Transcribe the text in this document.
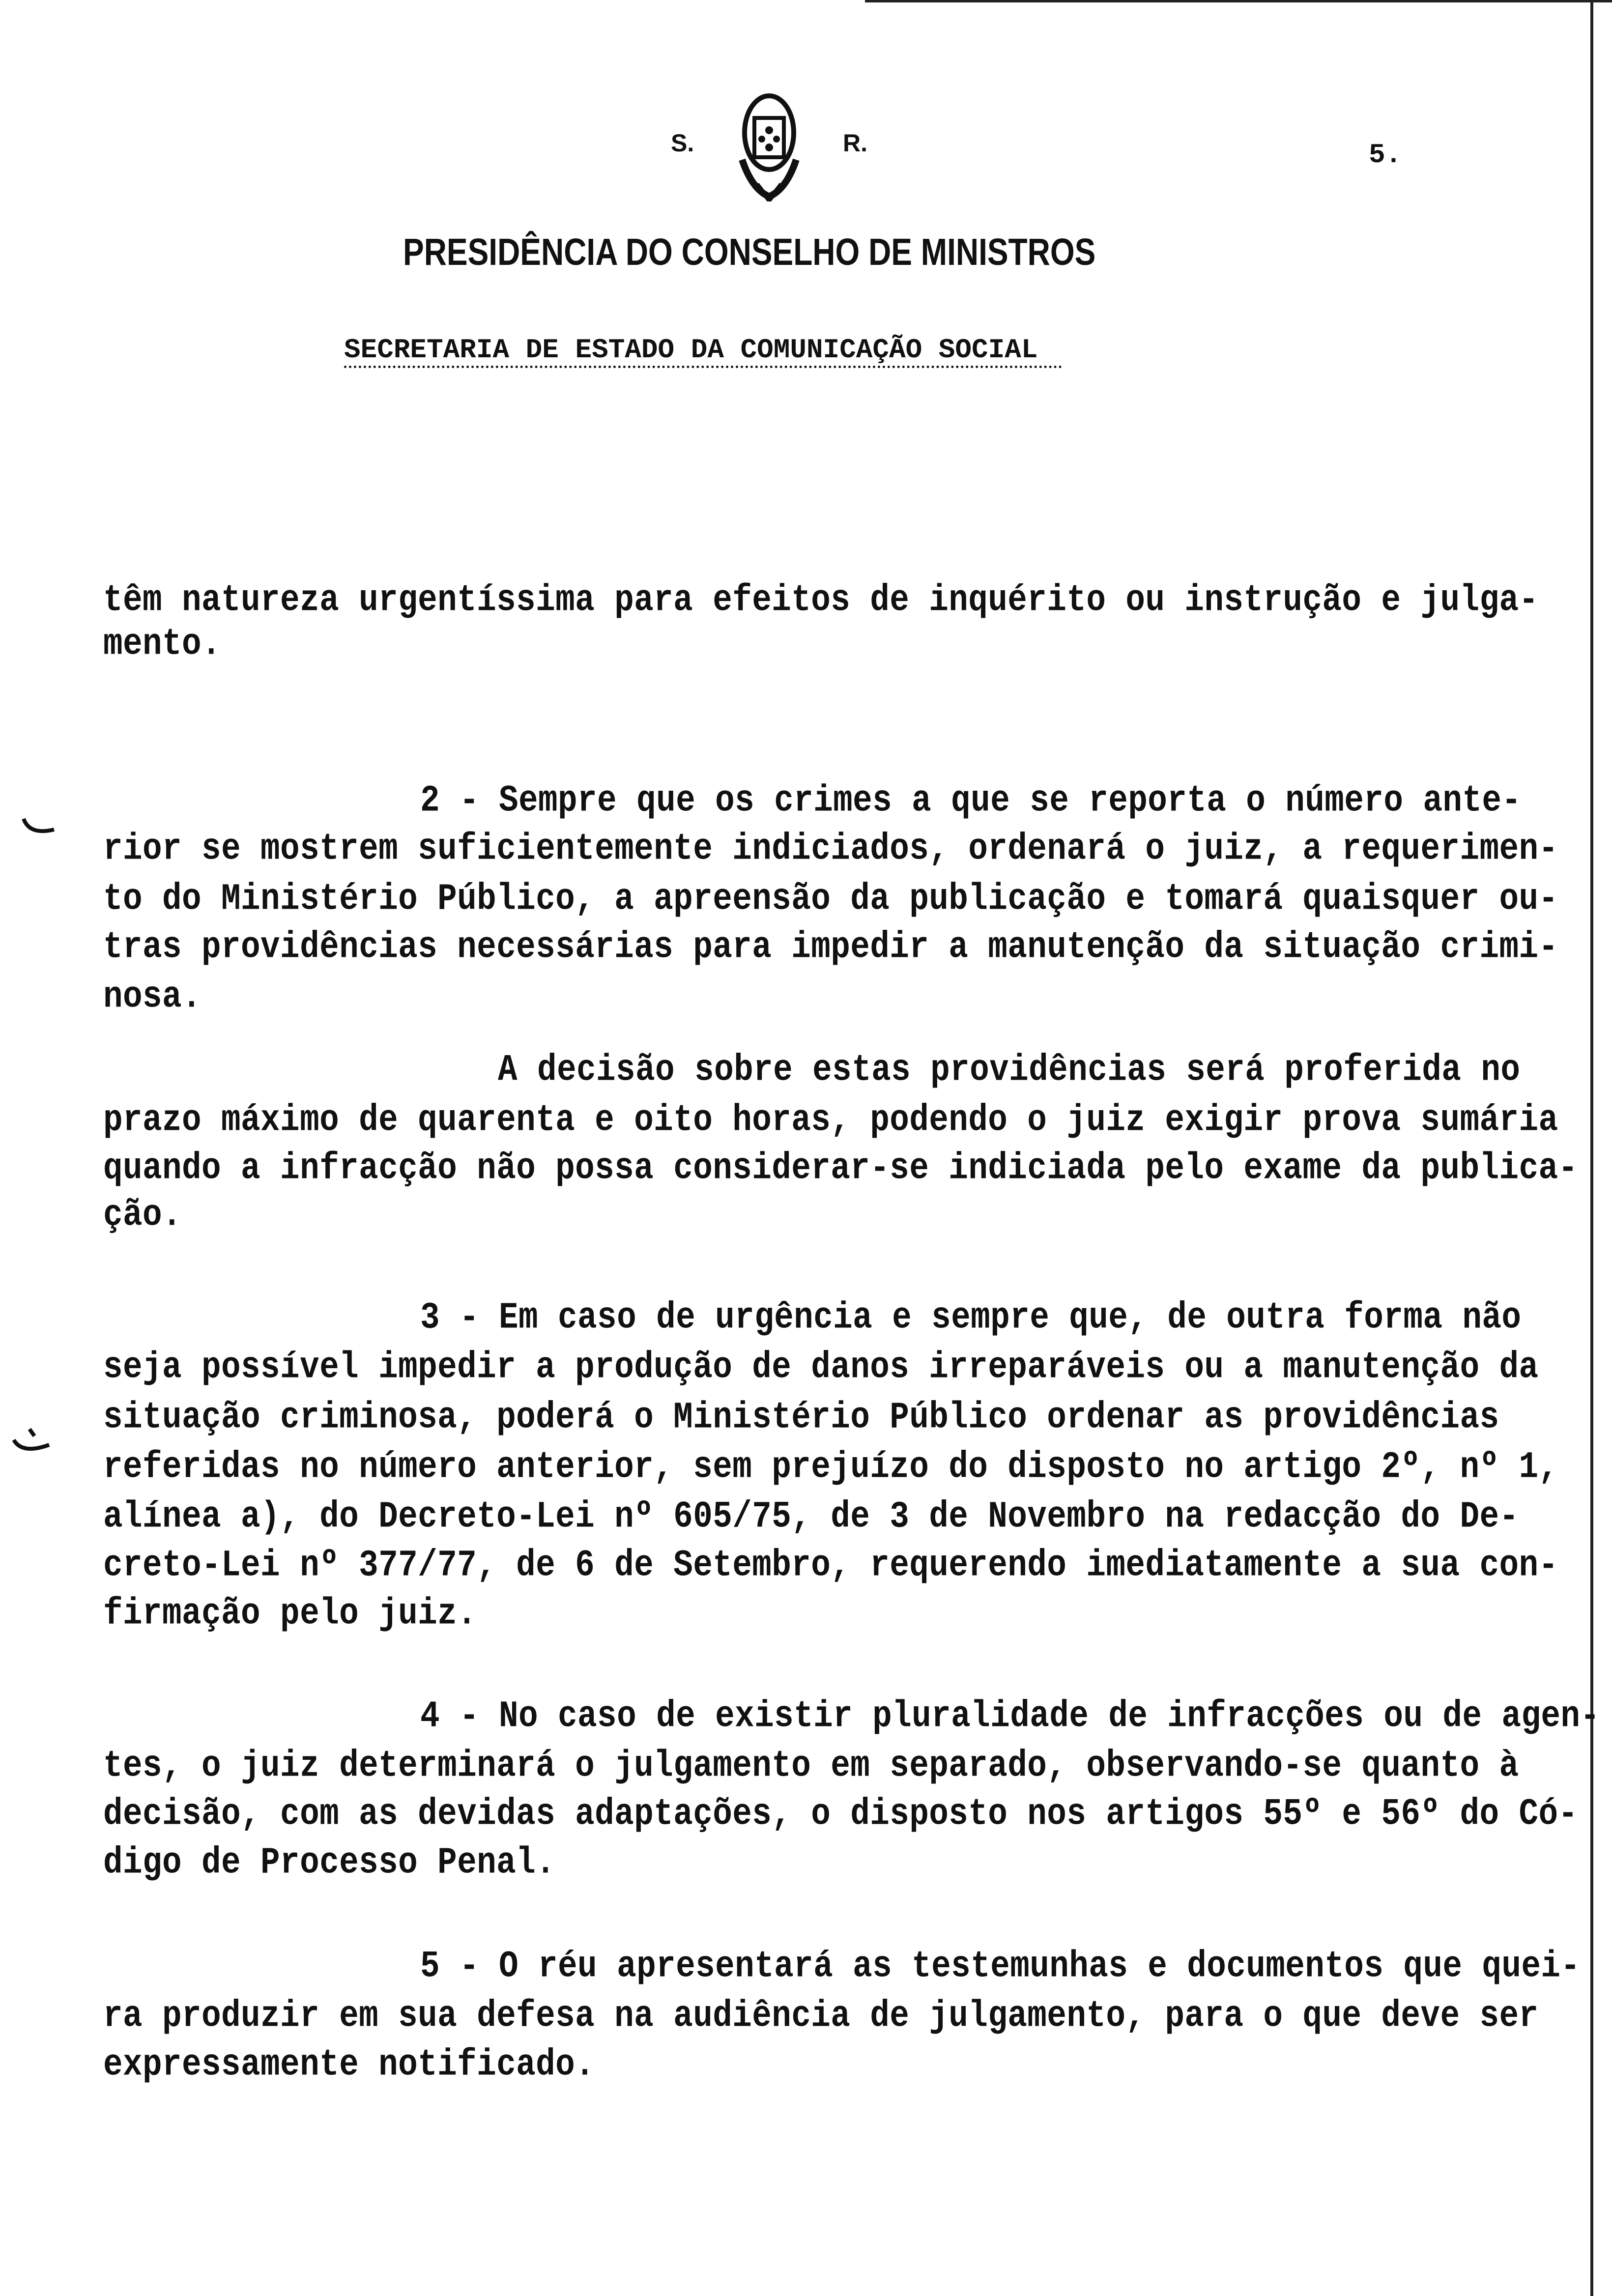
S.	R.	5.
PRESIDÊNCIA DO CONSELHO DE MINISTROS
SECRETARIA DE ESTADO DA COMUNICAÇÃO SOCIAL
têm natureza urgentíssima para efeitos de inquérito ou instrução e julga-
mento.
2 - Sempre que os crimes a que se reporta o número ante-
rior se mostrem suficientemente indiciados, ordenará o juiz, a requerimen-
to do Ministério Público, a apreensão da publicação e tomará quaisquer ou-
tras providências necessárias para impedir a manutenção da situação crimi-
nosa.
A decisão sobre estas providências será proferida no
prazo máximo de quarenta e oito horas, podendo o juiz exigir prova sumária
quando a infracção não possa considerar-se indiciada pelo exame da publica-
ção.
3 - Em caso de urgência e sempre que, de outra forma não
seja possível impedir a produção de danos irreparáveis ou a manutenção da
situação criminosa, poderá o Ministério Público ordenar as providências
referidas no número anterior, sem prejuízo do disposto no artigo 2º, nº 1,
alínea a), do Decreto-Lei nº 605/75, de 3 de Novembro na redacção do De-
creto-Lei nº 377/77, de 6 de Setembro, requerendo imediatamente a sua con-
firmação pelo juiz.
4 - No caso de existir pluralidade de infracções ou de agen-
tes, o juiz determinará o julgamento em separado, observando-se quanto à
decisão, com as devidas adaptações, o disposto nos artigos 55º e 56º do Có-
digo de Processo Penal.
5 - O réu apresentará as testemunhas e documentos que quei-
ra produzir em sua defesa na audiência de julgamento, para o que deve ser
expressamente notificado.
